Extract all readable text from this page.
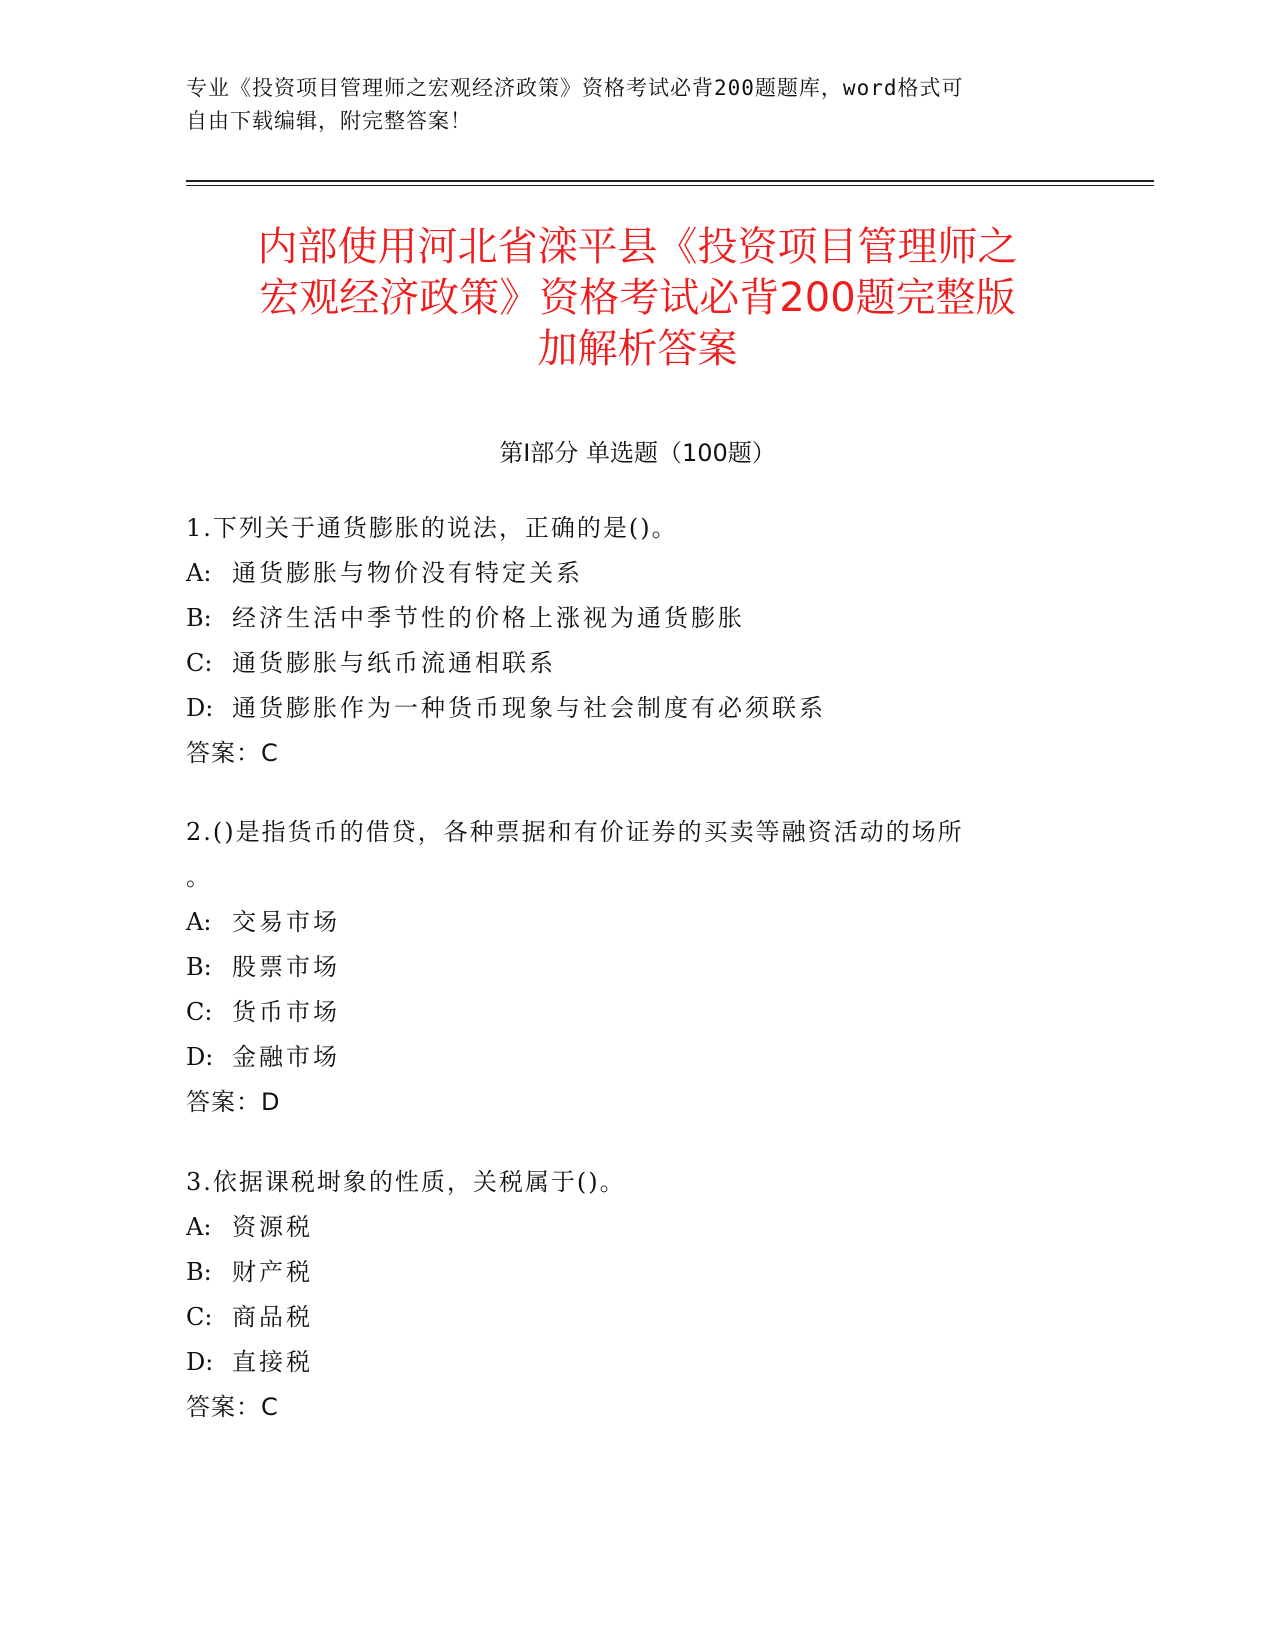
专业《投资项目管理师之宏观经济政策》资格考试必背200题题库，word格式可
自由下载编辑，附完整答案！
内部使用河北省滦平县《投资项目管理师之
宏观经济政策》资格考试必背200题完整版
加解析答案
第Ⅰ部分 单选题（100题）
1.下列关于通货膨胀的说法，正确的是()。
A: 通货膨胀与物价没有特定关系
B: 经济生活中季节性的价格上涨视为通货膨胀
C: 通货膨胀与纸币流通相联系
D: 通货膨胀作为一种货币现象与社会制度有必须联系
答案：C
2.()是指货币的借贷，各种票据和有价证券的买卖等融资活动的场所
。
A: 交易市场
B: 股票市场
C: 货币市场
D: 金融市场
答案：D
3.依据课税埘象的性质，关税属于()。
A: 资源税
B: 财产税
C: 商品税
D: 直接税
答案：C
